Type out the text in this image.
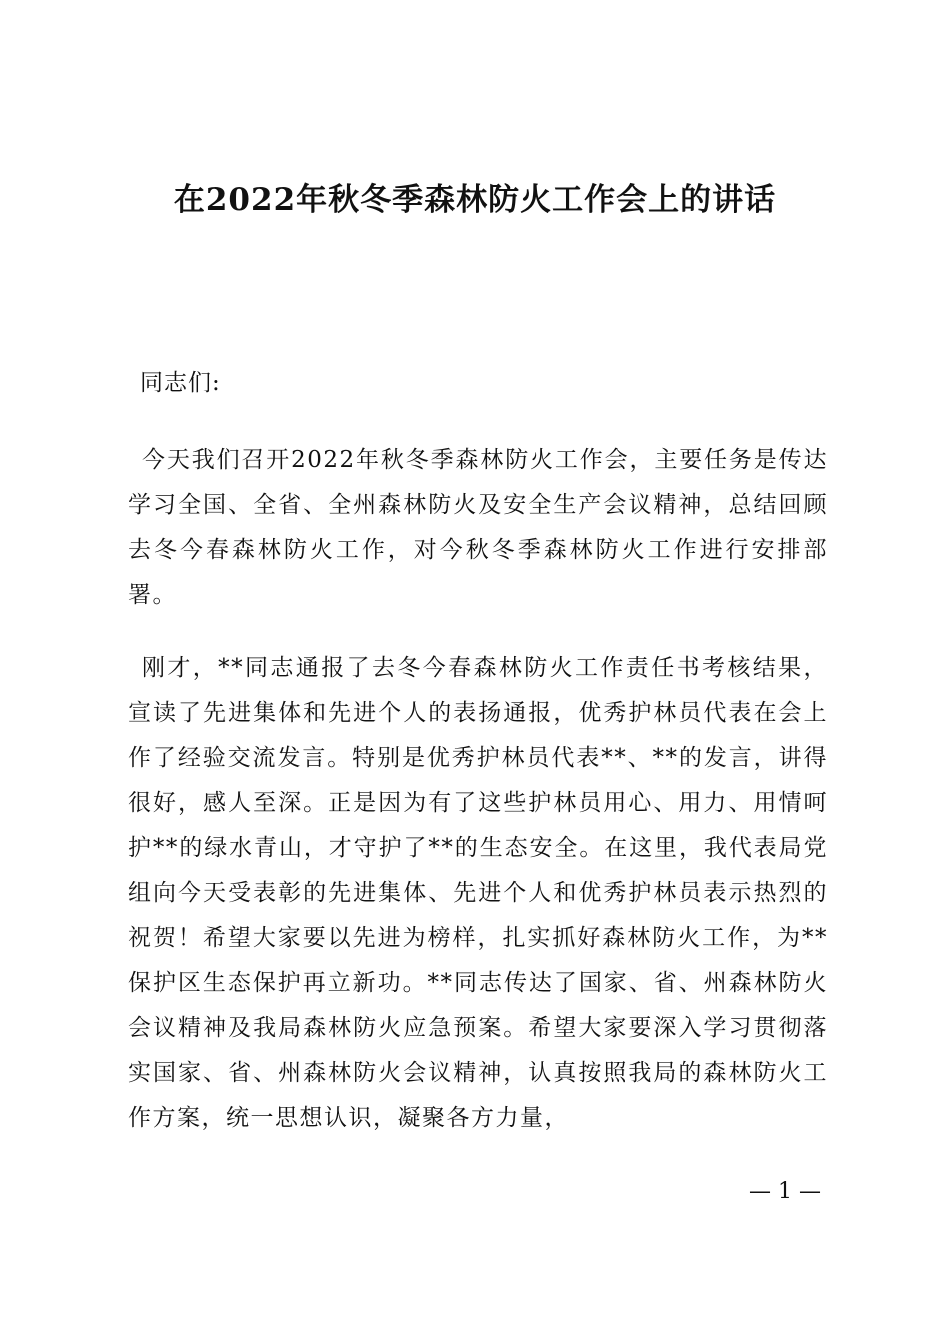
在2022年秋冬季森林防火工作会上的讲话
同志们:

今天我们召开2022年秋冬季森林防火工作会，主要任务是传达学习全国、全省、全州森林防火及安全生产会议精神，总结回顾去冬今春森林防火工作，对今秋冬季森林防火工作进行安排部署。

刚才，**同志通报了去冬今春森林防火工作责任书考核结果，宣读了先进集体和先进个人的表扬通报，优秀护林员代表在会上作了经验交流发言。特别是优秀护林员代表**、**的发言，讲得很好，感人至深。正是因为有了这些护林员用心、用力、用情呵护**的绿水青山，才守护了**的生态安全。在这里，我代表局党组向今天受表彰的先进集体、先进个人和优秀护林员表示热烈的祝贺！希望大家要以先进为榜样，扎实抓好森林防火工作，为**保护区生态保护再立新功。**同志传达了国家、省、州森林防火会议精神及我局森林防火应急预案。希望大家要深入学习贯彻落实国家、省、州森林防火会议精神，认真按照我局的森林防火工作方案，统一思想认识，凝聚各方力量，

— 1 —
